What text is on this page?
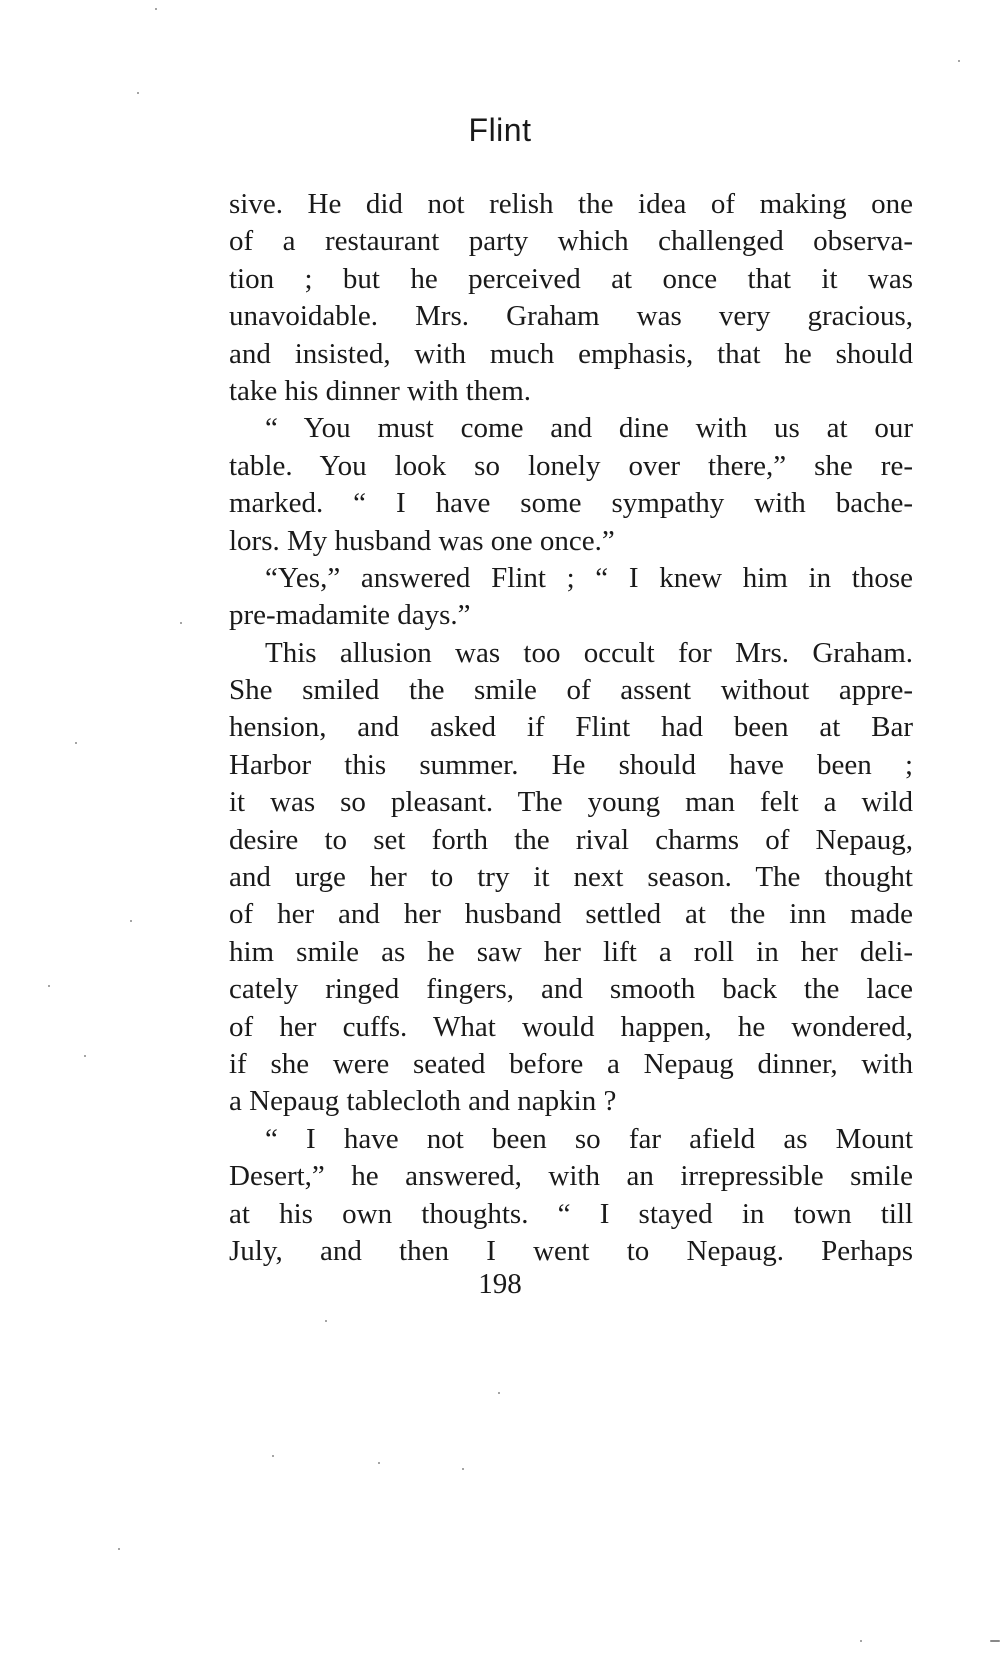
Flint
sive. He did not relish the idea of making one
of a restaurant party which challenged observa-
tion ; but he perceived at once that it was
unavoidable. Mrs. Graham was very gracious,
and insisted, with much emphasis, that he should
take his dinner with them.
“ You must come and dine with us at our
table. You look so lonely over there,” she re-
marked. “ I have some sympathy with bache-
lors. My husband was one once.”
“Yes,” answered Flint ; “ I knew him in those
pre-madamite days.”
This allusion was too occult for Mrs. Graham.
She smiled the smile of assent without appre-
hension, and asked if Flint had been at Bar
Harbor this summer. He should have been ;
it was so pleasant. The young man felt a wild
desire to set forth the rival charms of Nepaug,
and urge her to try it next season. The thought
of her and her husband settled at the inn made
him smile as he saw her lift a roll in her deli-
cately ringed fingers, and smooth back the lace
of her cuffs. What would happen, he wondered,
if she were seated before a Nepaug dinner, with
a Nepaug tablecloth and napkin ?
“ I have not been so far afield as Mount
Desert,” he answered, with an irrepressible smile
at his own thoughts. “ I stayed in town till
July, and then I went to Nepaug. Perhaps
198
